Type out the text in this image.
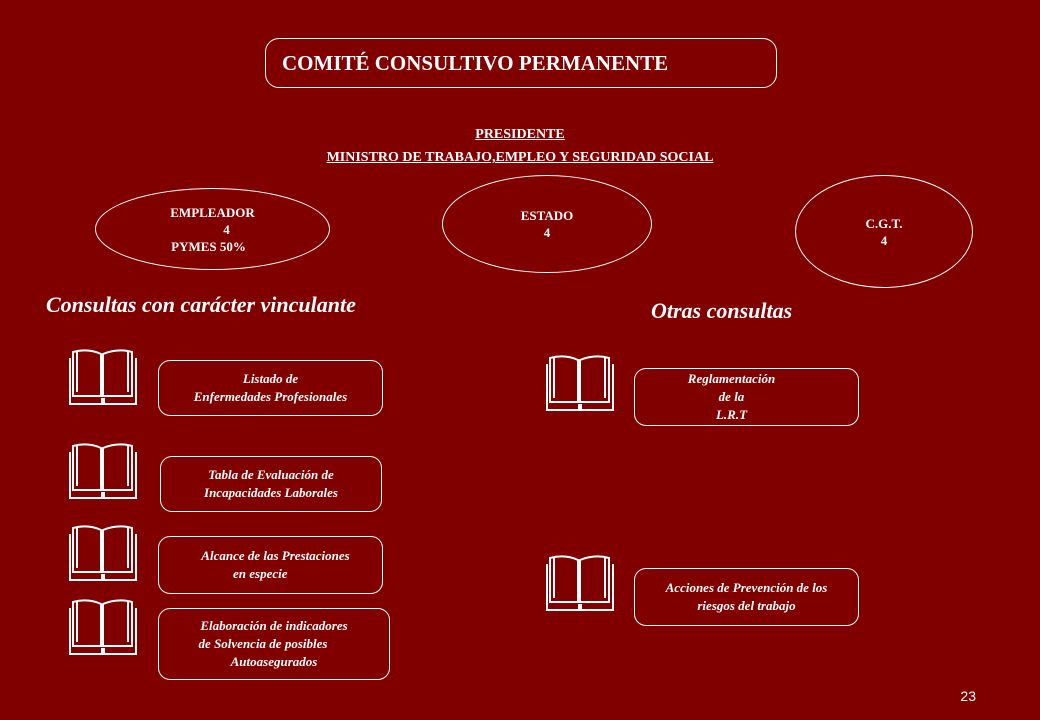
COMITÉ CONSULTIVO PERMANENTE
PRESIDENTE
MINISTRO DE TRABAJO,EMPLEO Y SEGURIDAD SOCIAL
EMPLEADOR
4
PYMES 50%
ESTADO
4
C.G.T.
4
Consultas con carácter vinculante	Otras consultas
Listado de
Enfermedades Profesionales
Tabla de Evaluación de
Incapacidades Laborales
Alcance de las Prestaciones
en especie
Elaboración de indicadores
de Solvencia de posibles
Autoasegurados
Reglamentación
de la
L.R.T
Acciones de Prevención de los
riesgos del trabajo
23
